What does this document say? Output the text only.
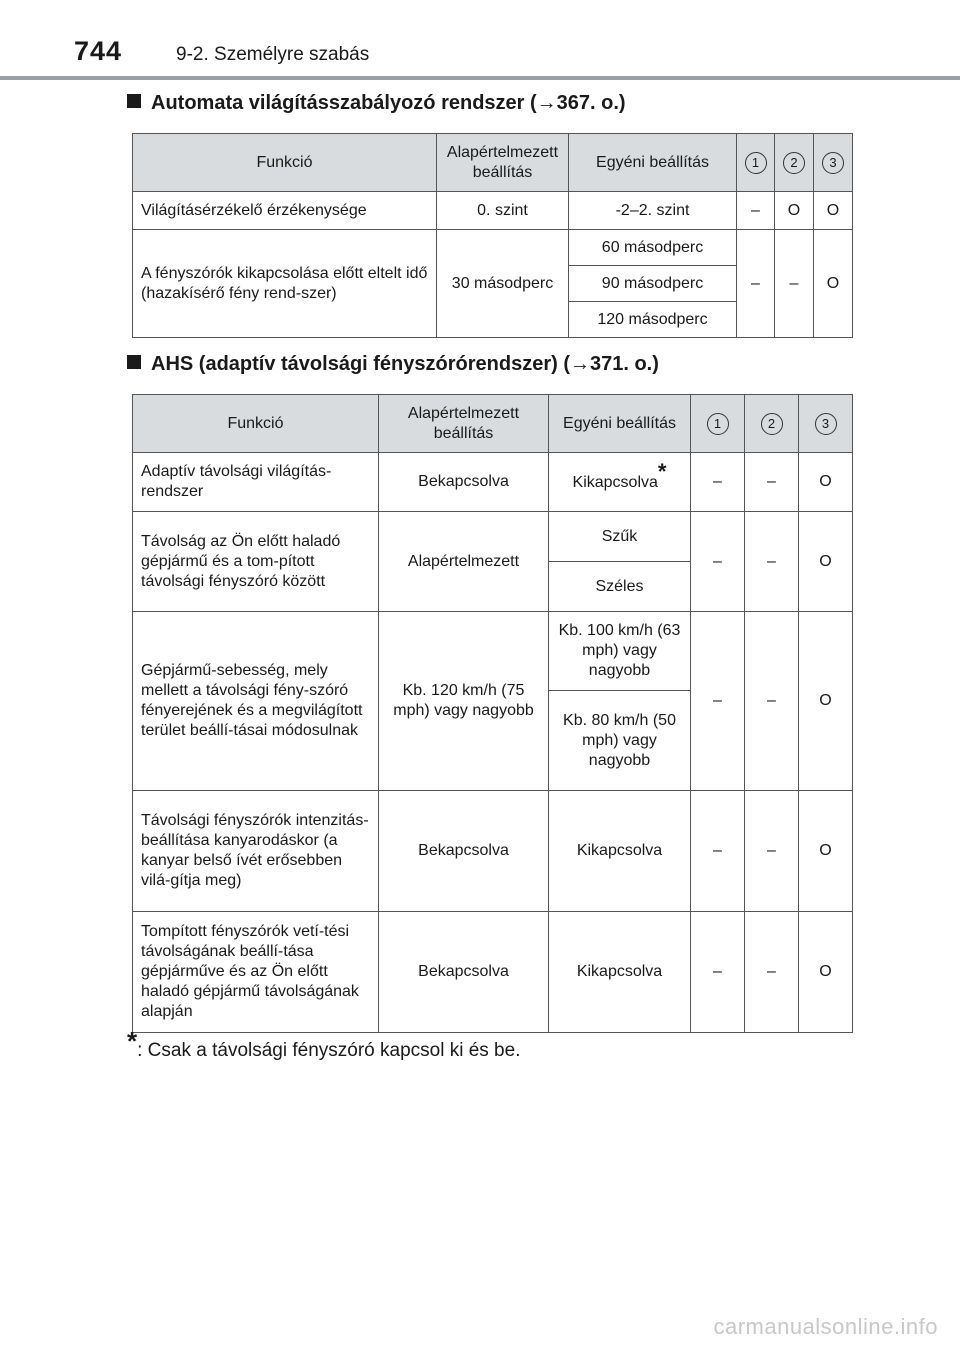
744	9-2. Személyre szabás
Automata világításszabályozó rendszer (→367. o.)
Funkció	Alapértelmezett beállítás	Egyéni beállítás	1	2	3
Világításérzékelő érzékenysége	0. szint	-2–2. szint	–	O	O
A fényszórók kikapcsolása előtt eltelt idő (hazakísérő fény rend-szer)	30 másodperc	60 másodperc	–	–	O
		90 másodperc			
		120 másodperc			
AHS (adaptív távolsági fényszórórendszer) (→371. o.)
Funkció	Alapértelmezett beállítás	Egyéni beállítás	1	2	3
Adaptív távolsági világítás-rendszer	Bekapcsolva	Kikapcsolva*	–	–	O
Távolság az Ön előtt haladó gépjármű és a tom-pított távolsági fényszóró között	Alapértelmezett	Szűk	–	–	O
		Széles			
Gépjármű-sebesség, mely mellett a távolsági fény-szóró fényerejének és a megvilágított terület beállí-tásai módosulnak	Kb. 120 km/h (75 mph) vagy nagyobb	Kb. 100 km/h (63 mph) vagy nagyobb	–	–	O
		Kb. 80 km/h (50 mph) vagy nagyobb			
Távolsági fényszórók intenzitás-beállítása kanyarodáskor (a kanyar belső ívét erősebben vilá-gítja meg)	Bekapcsolva	Kikapcsolva	–	–	O
Tompított fényszórók vetí-tési távolságának beállí-tása gépjárműve és az Ön előtt haladó gépjármű távolságának alapján	Bekapcsolva	Kikapcsolva	–	–	O
*: Csak a távolsági fényszóró kapcsol ki és be.
carmanualsonline.info
